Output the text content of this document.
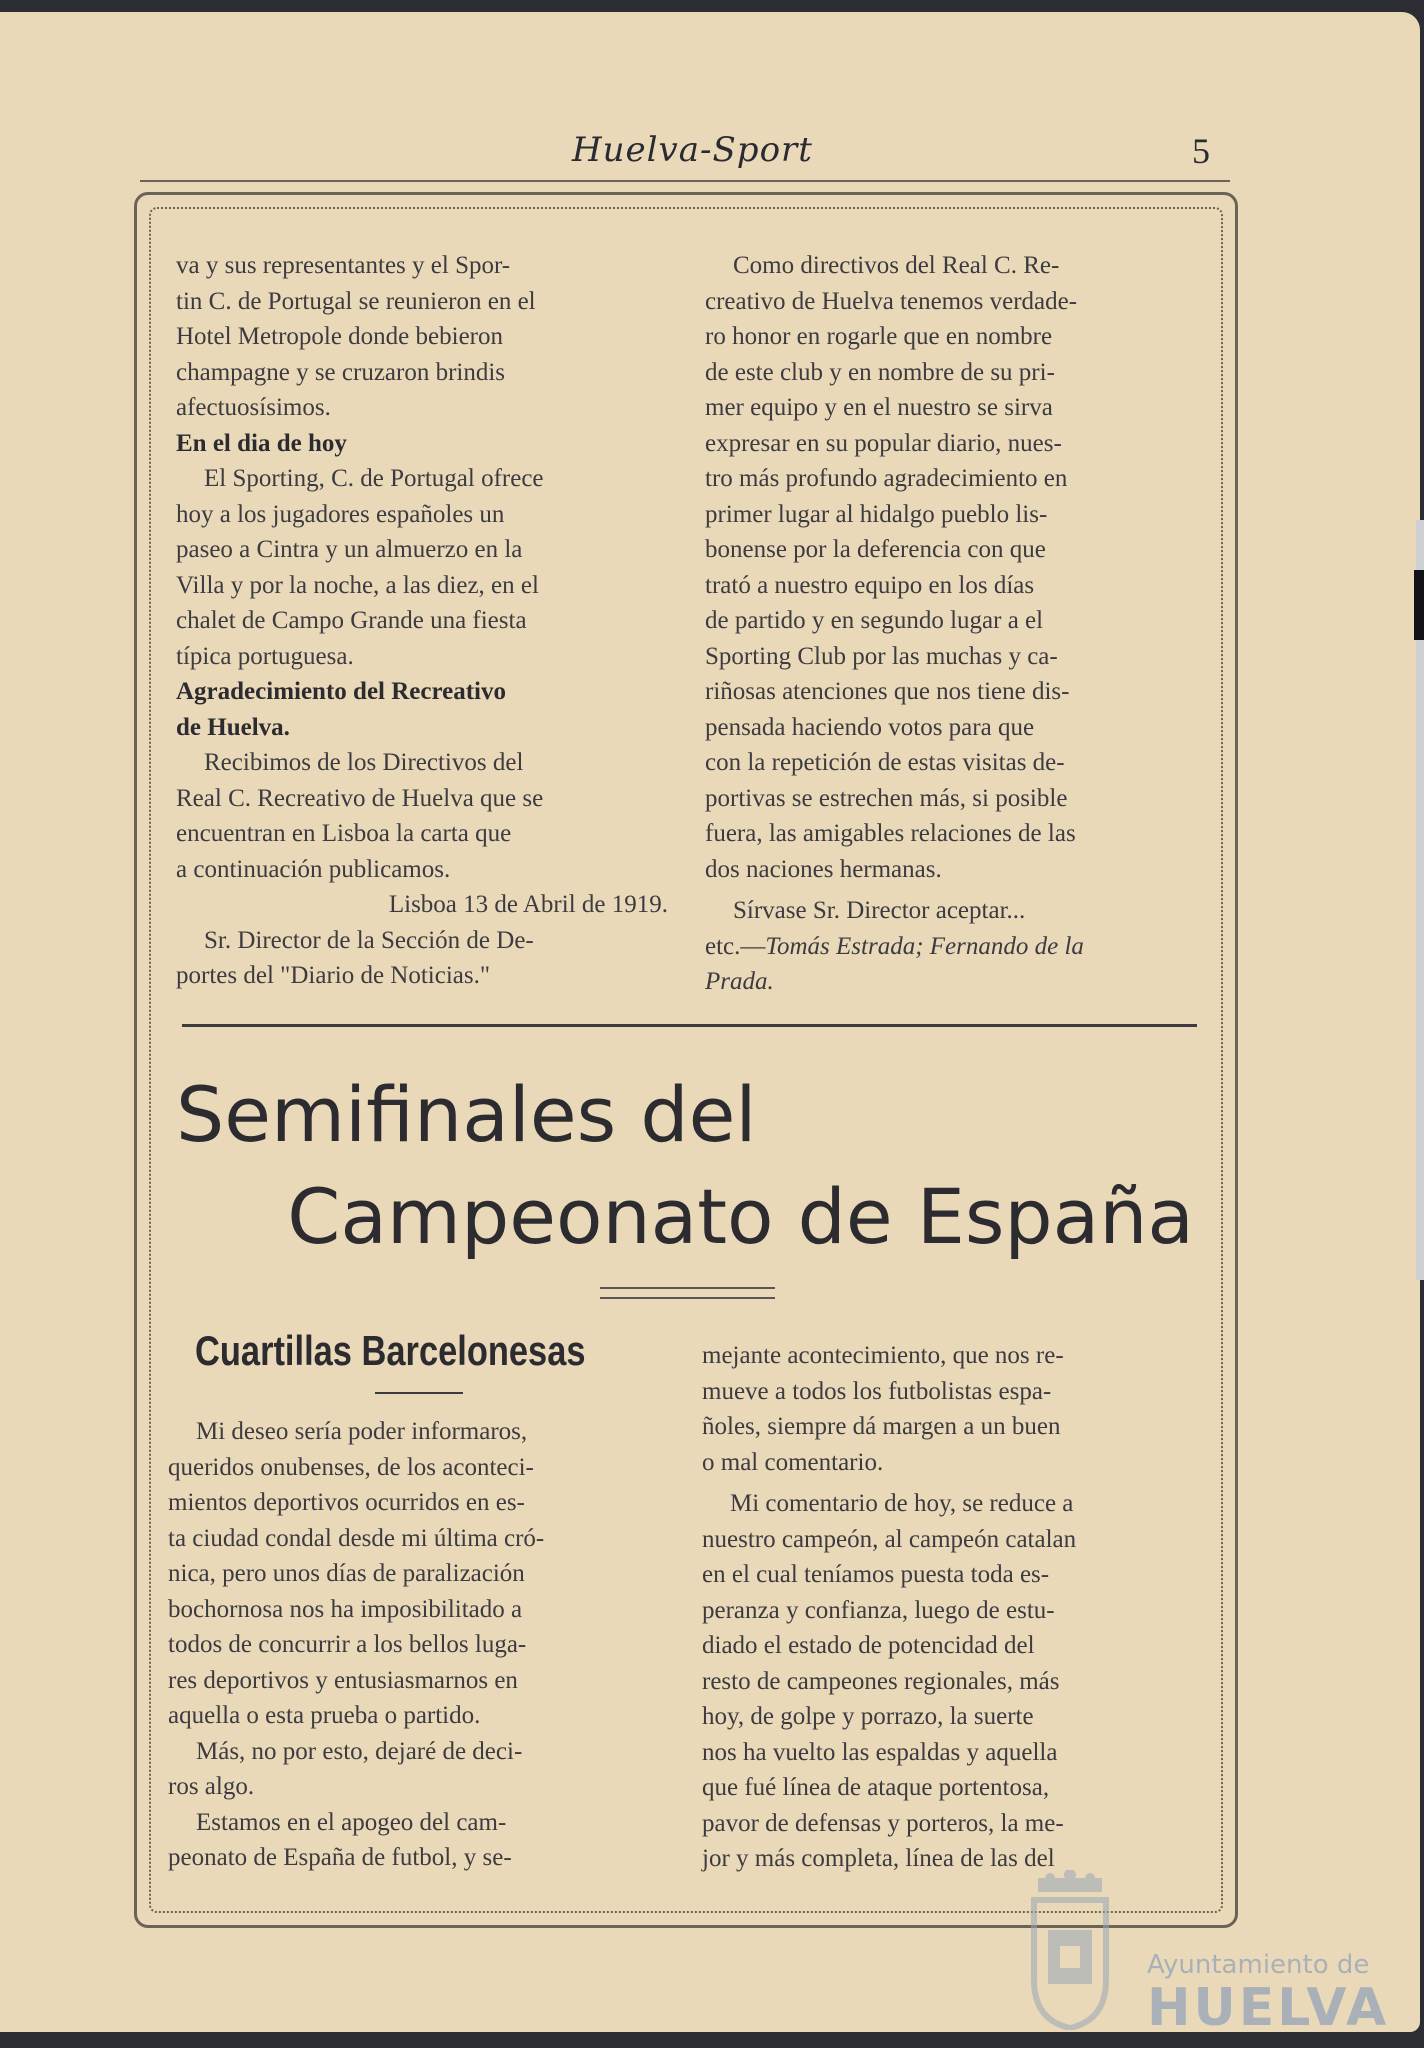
Huelva-Sport	5

va y sus representantes y el Spor-

tin C. de Portugal se reunieron en el

Hotel Metropole donde bebieron

champagne y se cruzaron brindis

afectuosísimos.

En el dia de hoy

El Sporting, C. de Portugal ofrece

hoy a los jugadores españoles un

paseo a Cintra y un almuerzo en la

Villa y por la noche, a las diez, en el

chalet de Campo Grande una fiesta

típica portuguesa.

Agradecimiento del Recreativo

de Huelva.

Recibimos de los Directivos del

Real C. Recreativo de Huelva que se

encuentran en Lisboa la carta que

a continuación publicamos.

Lisboa 13 de Abril de 1919.

Sr. Director de la Sección de De-

portes del "Diario de Noticias."

Como directivos del Real C. Re-

creativo de Huelva tenemos verdade-

ro honor en rogarle que en nombre

de este club y en nombre de su pri-

mer equipo y en el nuestro se sirva

expresar en su popular diario, nues-

tro más profundo agradecimiento en

primer lugar al hidalgo pueblo lis-

bonense por la deferencia con que

trató a nuestro equipo en los días

de partido y en segundo lugar a el

Sporting Club por las muchas y ca-

riñosas atenciones que nos tiene dis-

pensada haciendo votos para que

con la repetición de estas visitas de-

portivas se estrechen más, si posible

fuera, las amigables relaciones de las

dos naciones hermanas.

Sírvase Sr. Director aceptar...

etc.—Tomás Estrada; Fernando de la

Prada.

Semifinales del
Campeonato de España
Cuartillas Barcelonesas

Mi deseo sería poder informaros,

queridos onubenses, de los aconteci-

mientos deportivos ocurridos en es-

ta ciudad condal desde mi última cró-

nica, pero unos días de paralización

bochornosa nos ha imposibilitado a

todos de concurrir a los bellos luga-

res deportivos y entusiasmarnos en

aquella o esta prueba o partido.

Más, no por esto, dejaré de deci-

ros algo.

Estamos en el apogeo del cam-

peonato de España de futbol, y se-

mejante acontecimiento, que nos re-

mueve a todos los futbolistas espa-

ñoles, siempre dá margen a un buen

o mal comentario.

Mi comentario de hoy, se reduce a

nuestro campeón, al campeón catalan

en el cual teníamos puesta toda es-

peranza y confianza, luego de estu-

diado el estado de potencidad del

resto de campeones regionales, más

hoy, de golpe y porrazo, la suerte

nos ha vuelto las espaldas y aquella

que fué línea de ataque portentosa,

pavor de defensas y porteros, la me-

jor y más completa, línea de las del

Ayuntamiento de
HUELVA
